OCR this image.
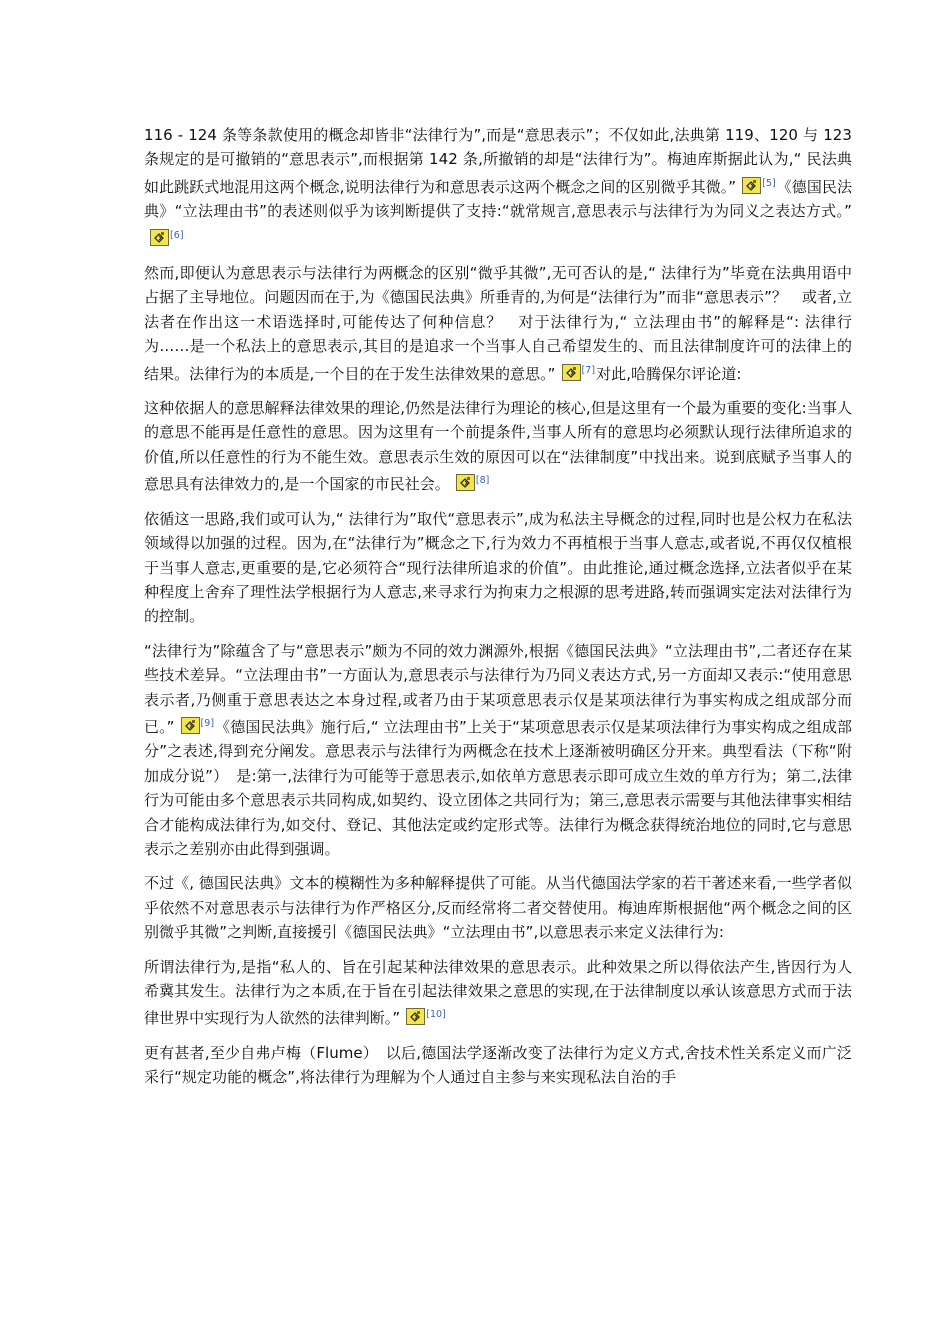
116 - 124 条等条款使用的概念却皆非“法律行为”,而是“意思表示”；不仅如此,法典第 119、120 与 123 条规定的是可撤销的“意思表示”,而根据第 142 条,所撤销的却是“法律行为”。梅迪库斯据此认为,“ 民法典如此跳跃式地混用这两个概念,说明法律行为和意思表示这两个概念之间的区别微乎其微。”	[5]《德国民法典》“立法理由书”的表述则似乎为该判断提供了支持:“就常规言,意思表示与法律行为为同义之表达方式。”
[6]

然而,即便认为意思表示与法律行为两概念的区别“微乎其微”,无可否认的是,“ 法律行为”毕竟在法典用语中占据了主导地位。问题因而在于,为《德国民法典》所垂青的,为何是“法律行为”而非“意思表示”？　或者,立法者在作出这一术语选择时,可能传达了何种信息？　对于法律行为,“ 立法理由书”的解释是“: 法律行为……是一个私法上的意思表示,其目的是追求一个当事人自己希望发生的、而且法律制度许可的法律上的结果。法律行为的本质是,一个目的在于发生法律效果的意思。”	[7]对此,哈腾保尔评论道:

这种依据人的意思解释法律效果的理论,仍然是法律行为理论的核心,但是这里有一个最为重要的变化:当事人的意思不能再是任意性的意思。因为这里有一个前提条件,当事人所有的意思均必须默认现行法律所追求的价值,所以任意性的行为不能生效。意思表示生效的原因可以在“法律制度”中找出来。说到底赋予当事人的意思具有法律效力的,是一个国家的市民社会。	[8]

依循这一思路,我们或可认为,“ 法律行为”取代“意思表示”,成为私法主导概念的过程,同时也是公权力在私法领域得以加强的过程。因为,在“法律行为”概念之下,行为效力不再植根于当事人意志,或者说,不再仅仅植根于当事人意志,更重要的是,它必须符合“现行法律所追求的价值”。由此推论,通过概念选择,立法者似乎在某种程度上舍弃了理性法学根据行为人意志,来寻求行为拘束力之根源的思考进路,转而强调实定法对法律行为的控制。

“法律行为”除蕴含了与“意思表示”颇为不同的效力渊源外,根据《德国民法典》“立法理由书”,二者还存在某些技术差异。“立法理由书”一方面认为,意思表示与法律行为乃同义表达方式,另一方面却又表示:“使用意思表示者,乃侧重于意思表达之本身过程,或者乃由于某项意思表示仅是某项法律行为事实构成之组成部分而已。”	[9]《德国民法典》施行后,“ 立法理由书”上关于“某项意思表示仅是某项法律行为事实构成之组成部分”之表述,得到充分阐发。意思表示与法律行为两概念在技术上逐渐被明确区分开来。典型看法（下称“附加成分说”）　是:第一,法律行为可能等于意思表示,如依单方意思表示即可成立生效的单方行为；第二,法律行为可能由多个意思表示共同构成,如契约、设立团体之共同行为；第三,意思表示需要与其他法律事实相结合才能构成法律行为,如交付、登记、其他法定或约定形式等。法律行为概念获得统治地位的同时,它与意思表示之差别亦由此得到强调。

不过《, 德国民法典》文本的模糊性为多种解释提供了可能。从当代德国法学家的若干著述来看,一些学者似乎依然不对意思表示与法律行为作严格区分,反而经常将二者交替使用。梅迪库斯根据他“两个概念之间的区别微乎其微”之判断,直接援引《德国民法典》“立法理由书”,以意思表示来定义法律行为:

所谓法律行为,是指“私人的、旨在引起某种法律效果的意思表示。此种效果之所以得依法产生,皆因行为人希冀其发生。法律行为之本质,在于旨在引起法律效果之意思的实现,在于法律制度以承认该意思方式而于法律世界中实现行为人欲然的法律判断。”	[10]

更有甚者,至少自弗卢梅（Flume）　以后,德国法学逐渐改变了法律行为定义方式,舍技术性关系定义而广泛采行“规定功能的概念”,将法律行为理解为个人通过自主参与来实现私法自治的手
